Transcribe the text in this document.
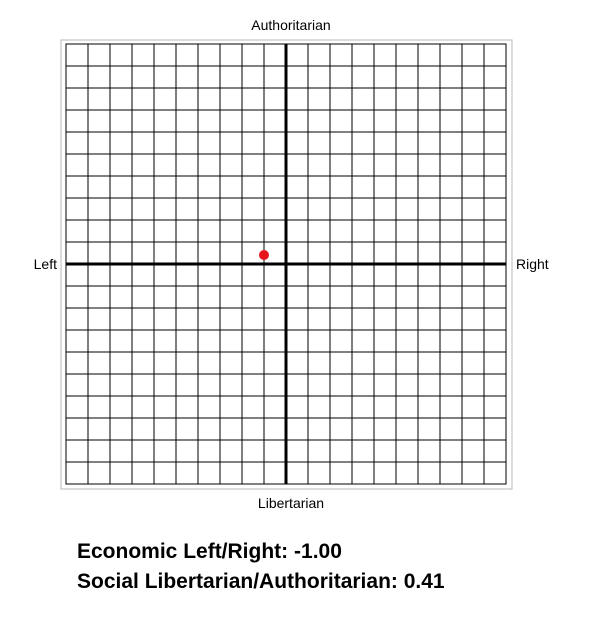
Authoritarian
Libertarian
Left	Right
Economic Left/Right: -1.00
Social Libertarian/Authoritarian: 0.41
